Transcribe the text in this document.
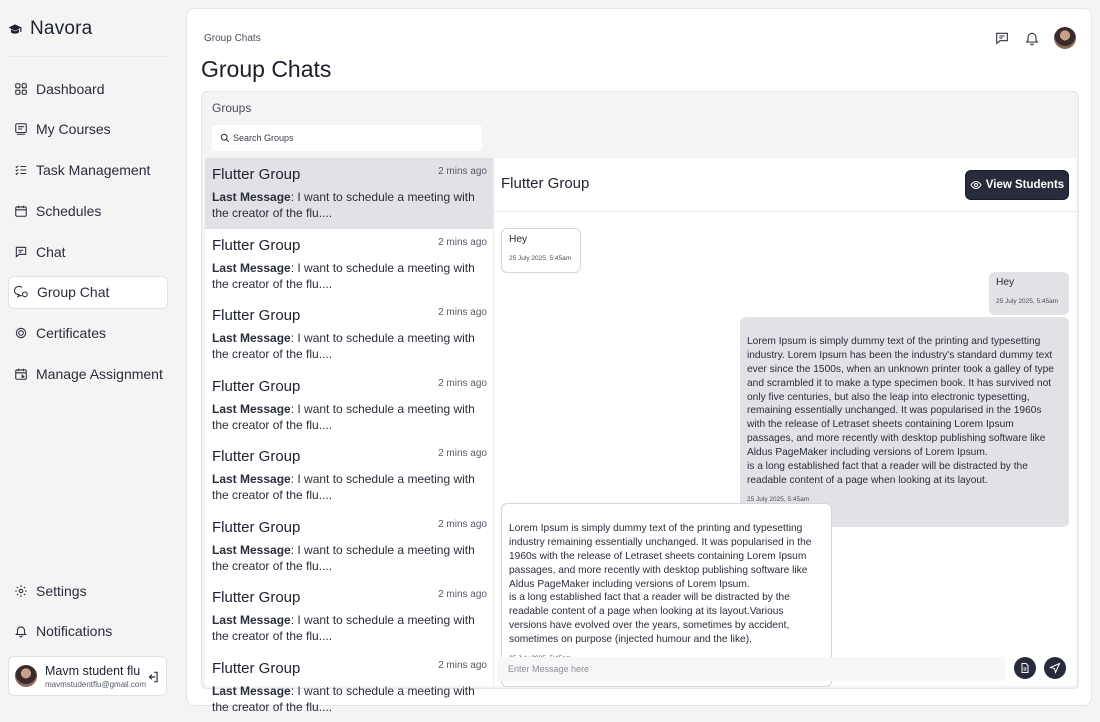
Navora
Dashboard
My Courses
Task Management
Schedules
Chat
Group Chat
Certificates
Manage Assignment
Settings
Notifications
Mavm student flu
mavmstudentflu@gmail.com
Group Chats
Group Chats
Groups
Search Groups
Flutter Group	2 mins ago
Last Message: I want to schedule a meeting with the creator of the flu....
Flutter Group	2 mins ago
Last Message: I want to schedule a meeting with the creator of the flu....
Flutter Group	2 mins ago
Last Message: I want to schedule a meeting with the creator of the flu....
Flutter Group	2 mins ago
Last Message: I want to schedule a meeting with the creator of the flu....
Flutter Group	2 mins ago
Last Message: I want to schedule a meeting with the creator of the flu....
Flutter Group	2 mins ago
Last Message: I want to schedule a meeting with the creator of the flu....
Flutter Group	2 mins ago
Last Message: I want to schedule a meeting with the creator of the flu....
Flutter Group	2 mins ago
Last Message: I want to schedule a meeting with the creator of the flu....
Flutter Group	View Students
Hey
25 July 2025, 5:45am
Hey
25 July 2025, 5:45am

Lorem Ipsum is simply dummy text of the printing and typesetting industry. Lorem Ipsum has been the industry's standard dummy text ever since the 1500s, when an unknown printer took a galley of type and scrambled it to make a type specimen book. It has survived not only five centuries, but also the leap into electronic typesetting, remaining essentially unchanged. It was popularised in the 1960s with the release of Letraset sheets containing Lorem Ipsum passages, and more recently with desktop publishing software like Aldus PageMaker including versions of Lorem Ipsum.
is a long established fact that a reader will be distracted by the readable content of a page when looking at its layout.

25 July 2025, 5:45am

Lorem Ipsum is simply dummy text of the printing and typesetting industry remaining essentially unchanged. It was popularised in the 1960s with the release of Letraset sheets containing Lorem Ipsum passages, and more recently with desktop publishing software like Aldus PageMaker including versions of Lorem Ipsum.
is a long established fact that a reader will be distracted by the readable content of a page when looking at its layout.Various versions have evolved over the years, sometimes by accident, sometimes on purpose (injected humour and the like).

Enter Message here
